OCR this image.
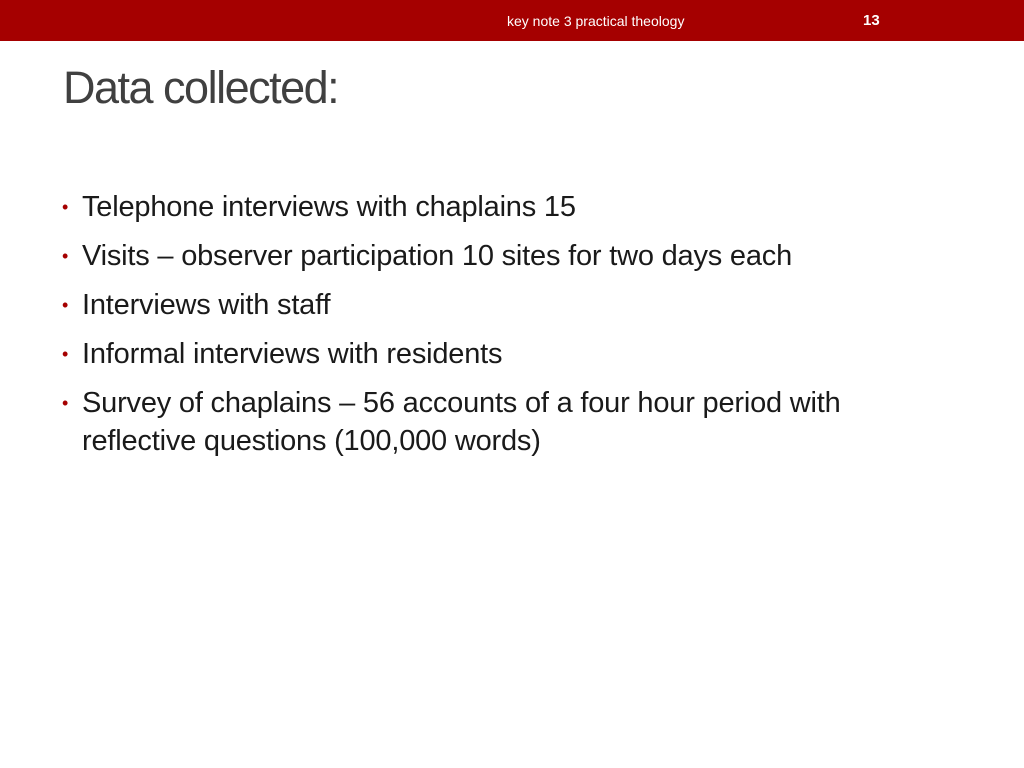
key note 3 practical theology	13
Data collected:
• Telephone interviews with chaplains 15
• Visits – observer participation 10 sites for two days each
• Interviews with staff
• Informal interviews with residents
• Survey of chaplains – 56 accounts of a four hour period with reflective questions (100,000 words)
